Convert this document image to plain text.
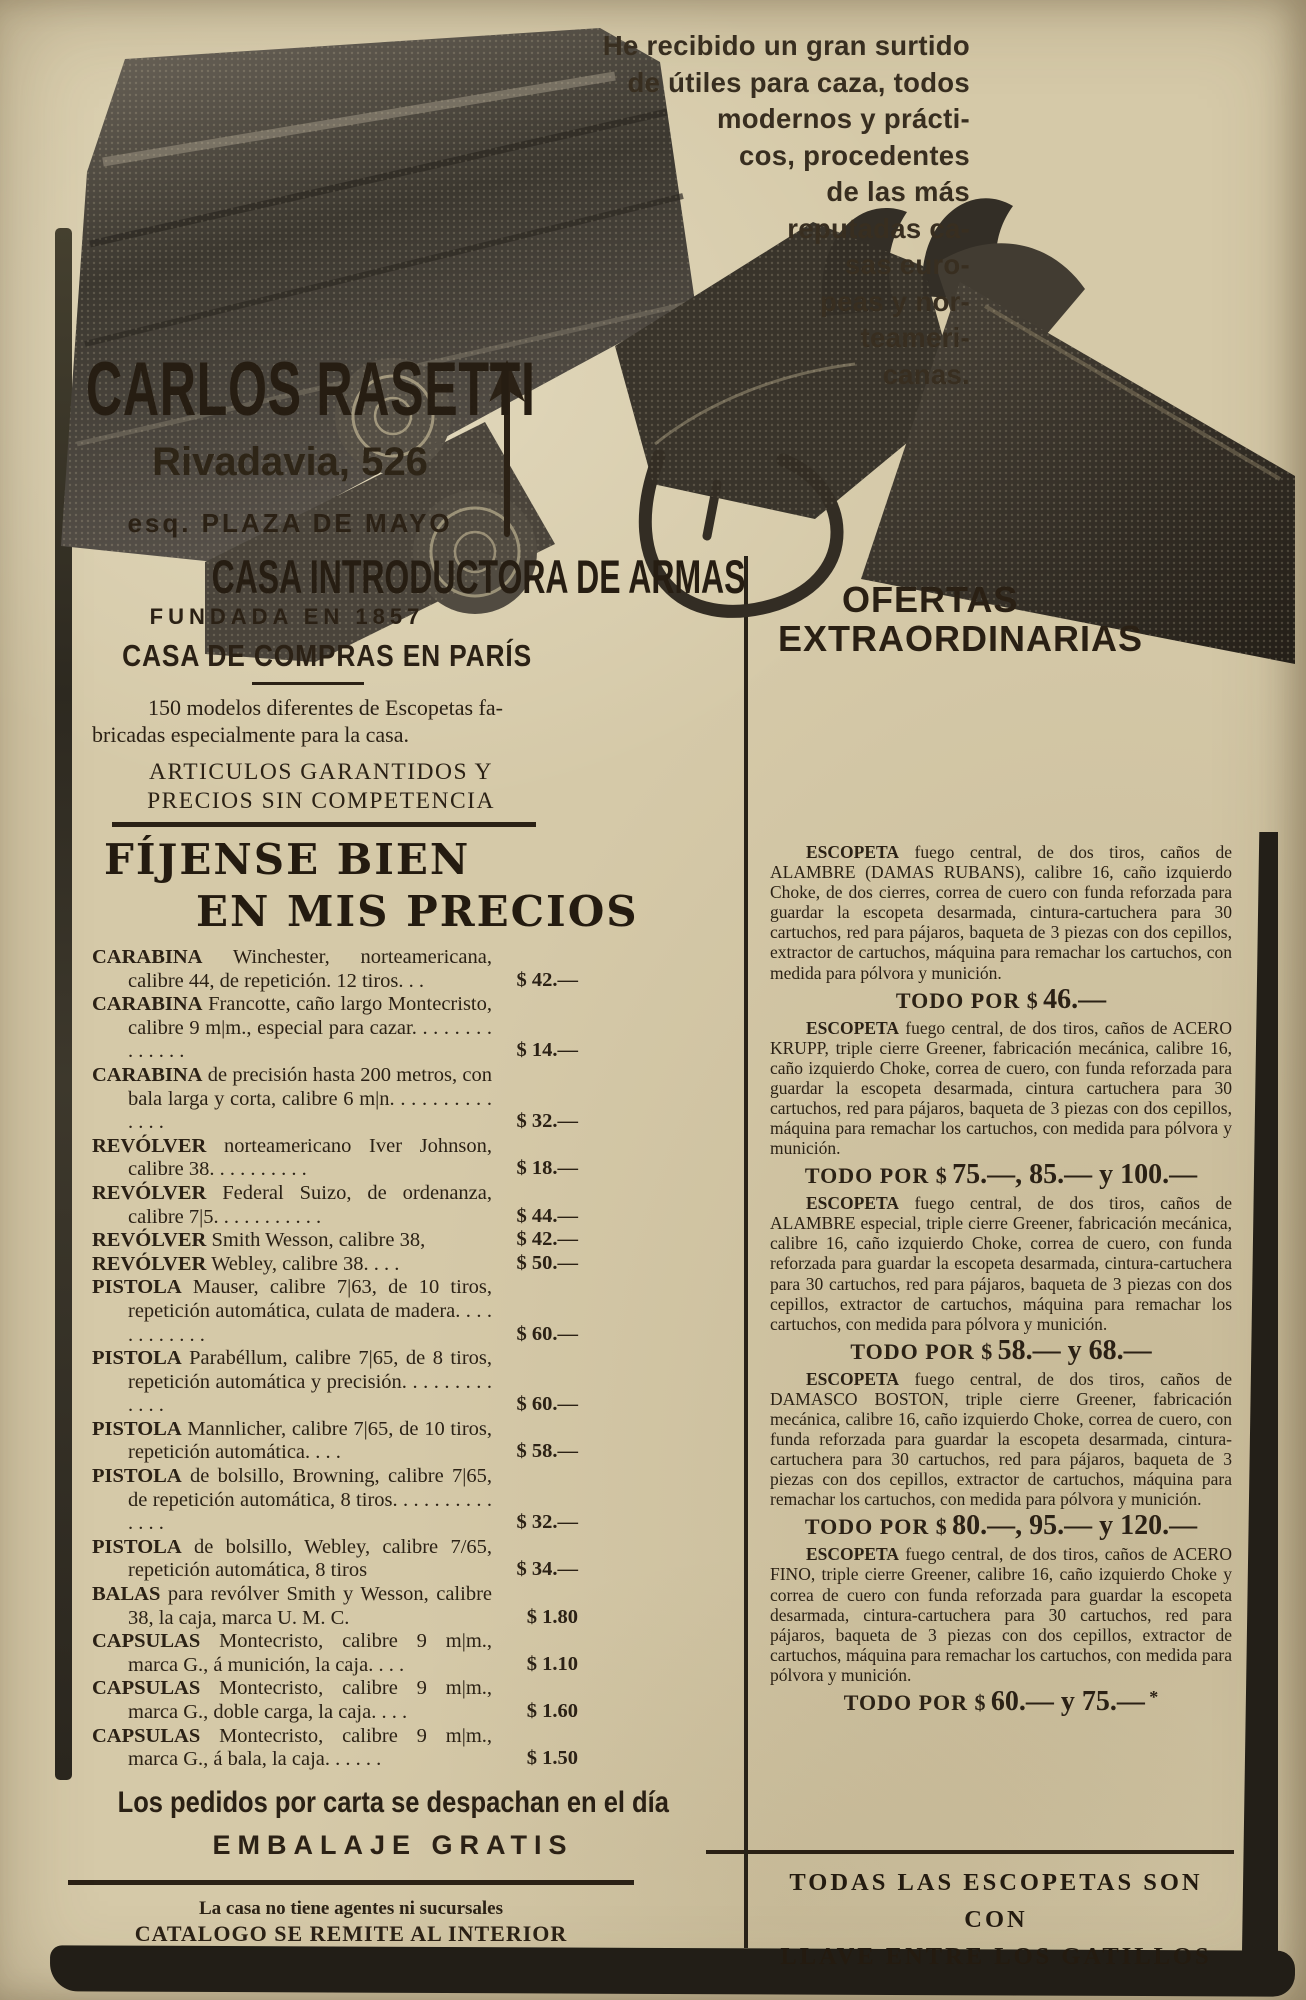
He recibido un gran surtido
de útiles para caza, todos
modernos y prácti-
cos, procedentes
de las más
reputadas ca-
sas euro-
peas y nor-
teameri-
canas.
CARLOS RASETTI
Rivadavia, 526
esq. PLAZA DE MAYO
CASA INTRODUCTORA DE ARMAS
FUNDADA EN 1857
CASA DE COMPRAS EN PARÍS
150 modelos diferentes de Escopetas fa-
bricadas especialmente para la casa.
ARTICULOS GARANTIDOS Y
PRECIOS SIN COMPETENCIA
FÍJENSE BIEN
EN MIS PRECIOS

CARABINA Winchester, norteamericana, calibre 44, de repetición. 12 tiros. . .	$ 42.—

CARABINA Francotte, caño largo Montecristo, calibre 9 m|m., especial para cazar. . . . . . . . . . . . . .	$ 14.—

CARABINA de precisión hasta 200 metros, con bala larga y corta, calibre 6 m|n. . . . . . . . . . . . . .	$ 32.—

REVÓLVER norteamericano Iver Johnson, calibre 38. . . . . . . . . .	$ 18.—

REVÓLVER Federal Suizo, de ordenanza, calibre 7|5. . . . . . . . . . .	$ 44.—

REVÓLVER Smith Wesson, calibre 38,	$ 42.—

REVÓLVER Webley, calibre 38. . . .	$ 50.—

PISTOLA Mauser, calibre 7|63, de 10 tiros, repetición automática, culata de madera. . . . . . . . . . . .	$ 60.—

PISTOLA Parabéllum, calibre 7|65, de 8 tiros, repetición automática y precisión. . . . . . . . . . . . .	$ 60.—

PISTOLA Mannlicher, calibre 7|65, de 10 tiros, repetición automática. . . .	$ 58.—

PISTOLA de bolsillo, Browning, calibre 7|65, de repetición automática, 8 tiros. . . . . . . . . . . . . .	$ 32.—

PISTOLA de bolsillo, Webley, calibre 7/65, repetición automática, 8 tiros	$ 34.—

BALAS para revólver Smith y Wesson, calibre 38, la caja, marca U. M. C.	$ 1.80

CAPSULAS Montecristo, calibre 9 m|m., marca G., á munición, la caja. . . .	$ 1.10

CAPSULAS Montecristo, calibre 9 m|m., marca G., doble carga, la caja. . . .	$ 1.60

CAPSULAS Montecristo, calibre 9 m|m., marca G., á bala, la caja. . . . . .	$ 1.50

Los pedidos por carta se despachan en el día
EMBALAJE GRATIS
La casa no tiene agentes ni sucursales
CATALOGO SE REMITE AL INTERIOR
OFERTAS
EXTRAORDINARIAS

ESCOPETA fuego central, de dos tiros, caños de ALAMBRE (DAMAS RUBANS), calibre 16, caño izquierdo Choke, de dos cierres, correa de cuero con funda reforzada para guardar la escopeta desarmada, cintura-cartuchera para 30 cartuchos, red para pájaros, baqueta de 3 piezas con dos cepillos, extractor de cartuchos, máquina para remachar los cartuchos, con medida para pólvora y munición.

TODO POR $ 46.—

ESCOPETA fuego central, de dos tiros, caños de ACERO KRUPP, triple cierre Greener, fabricación mecánica, calibre 16, caño izquierdo Choke, correa de cuero, con funda reforzada para guardar la escopeta desarmada, cintura cartuchera para 30 cartuchos, red para pájaros, baqueta de 3 piezas con dos cepillos, máquina para remachar los cartuchos, con medida para pólvora y munición.

TODO POR $ 75.—, 85.— y 100.—

ESCOPETA fuego central, de dos tiros, caños de ALAMBRE especial, triple cierre Greener, fabricación mecánica, calibre 16, caño izquierdo Choke, correa de cuero, con funda reforzada para guardar la escopeta desarmada, cintura-cartuchera para 30 cartuchos, red para pájaros, baqueta de 3 piezas con dos cepillos, extractor de cartuchos, máquina para remachar los cartuchos, con medida para pólvora y munición.

TODO POR $ 58.— y 68.—

ESCOPETA fuego central, de dos tiros, caños de DAMASCO BOSTON, triple cierre Greener, fabricación mecánica, calibre 16, caño izquierdo Choke, correa de cuero, con funda reforzada para guardar la escopeta desarmada, cintura-cartuchera para 30 cartuchos, red para pájaros, baqueta de 3 piezas con dos cepillos, extractor de cartuchos, máquina para remachar los cartuchos, con medida para pólvora y munición.

TODO POR $ 80.—, 95.— y 120.—

ESCOPETA fuego central, de dos tiros, caños de ACERO FINO, triple cierre Greener, calibre 16, caño izquierdo Choke y correa de cuero con funda reforzada para guardar la escopeta desarmada, cintura-cartuchera para 30 cartuchos, red para pájaros, baqueta de 3 piezas con dos cepillos, extractor de cartuchos, máquina para remachar los cartuchos, con medida para pólvora y munición.

TODO POR $ 60.— y 75.— *

TODAS LAS ESCOPETAS SON CON
LLAVE ENTRE LOS GATILLOS
